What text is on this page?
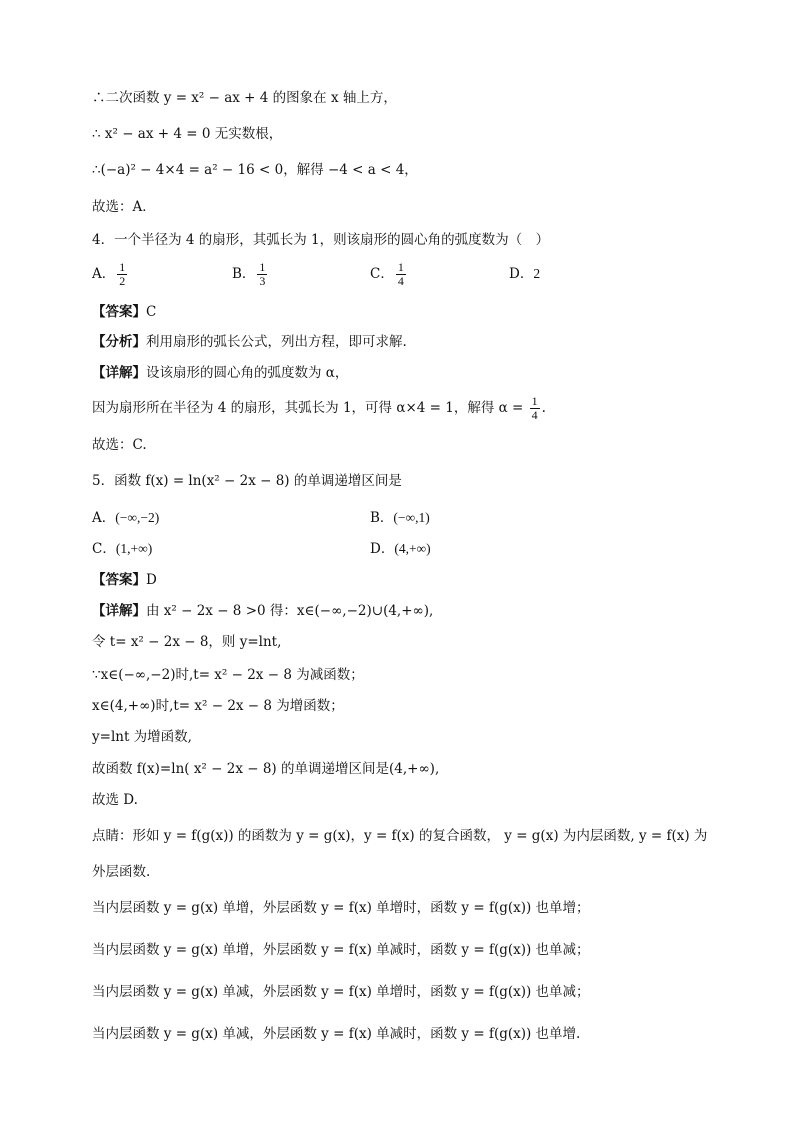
∴二次函数 y = x² − ax + 4 的图象在 x 轴上方，
∴ x² − ax + 4 = 0 无实数根，
∴(−a)² − 4×4 = a² − 16 < 0，解得 −4 < a < 4，
故选：A．
4．一个半径为 4 的扇形，其弧长为 1，则该扇形的圆心角的弧度数为（　）
A． $\frac{1}{2}$	B． $\frac{1}{3}$	C． $\frac{1}{4}$	D．2
【答案】C
【分析】利用扇形的弧长公式，列出方程，即可求解.
【详解】设该扇形的圆心角的弧度数为 α，
因为扇形所在半径为 4 的扇形，其弧长为 1，可得 α×4 = 1，解得 $\alpha = \frac{1}{4}$ .
故选：C.
5．函数 f(x) = ln(x² − 2x − 8) 的单调递增区间是
A．(−∞,−2)	B．(−∞,1)
C．(1,+∞)	D．(4,+∞)
【答案】D
【详解】由 x² − 2x − 8 >0 得：x∈(−∞,−2)∪(4,+∞),
令 t= x² − 2x − 8，则 y=lnt,
∵x∈(−∞,−2)时,t= x² − 2x − 8 为减函数；
x∈(4,+∞)时,t= x² − 2x − 8 为增函数；
y=lnt 为增函数,
故函数 f(x)=ln( x² − 2x − 8) 的单调递增区间是(4,+∞),
故选 D.
点睛：形如 y = f(g(x)) 的函数为 y = g(x)，y = f(x) 的复合函数， y = g(x) 为内层函数, y = f(x) 为
外层函数.
当内层函数 y = g(x) 单增，外层函数 y = f(x) 单增时，函数 y = f(g(x)) 也单增；
当内层函数 y = g(x) 单增，外层函数 y = f(x) 单减时，函数 y = f(g(x)) 也单减；
当内层函数 y = g(x) 单减，外层函数 y = f(x) 单增时，函数 y = f(g(x)) 也单减；
当内层函数 y = g(x) 单减，外层函数 y = f(x) 单减时，函数 y = f(g(x)) 也单增.
